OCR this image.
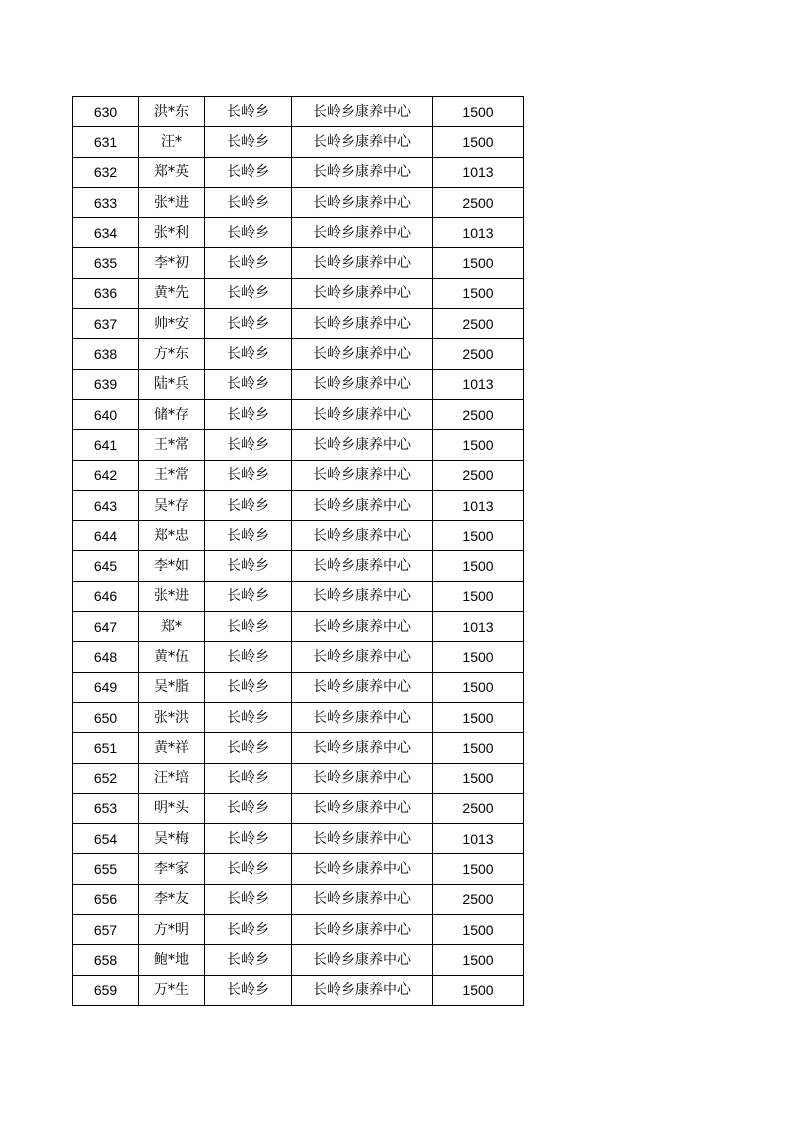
630	洪*东	长岭乡	长岭乡康养中心	1500
631	汪*	长岭乡	长岭乡康养中心	1500
632	郑*英	长岭乡	长岭乡康养中心	1013
633	张*进	长岭乡	长岭乡康养中心	2500
634	张*利	长岭乡	长岭乡康养中心	1013
635	李*初	长岭乡	长岭乡康养中心	1500
636	黄*先	长岭乡	长岭乡康养中心	1500
637	帅*安	长岭乡	长岭乡康养中心	2500
638	方*东	长岭乡	长岭乡康养中心	2500
639	陆*兵	长岭乡	长岭乡康养中心	1013
640	储*存	长岭乡	长岭乡康养中心	2500
641	王*常	长岭乡	长岭乡康养中心	1500
642	王*常	长岭乡	长岭乡康养中心	2500
643	吴*存	长岭乡	长岭乡康养中心	1013
644	郑*忠	长岭乡	长岭乡康养中心	1500
645	李*如	长岭乡	长岭乡康养中心	1500
646	张*进	长岭乡	长岭乡康养中心	1500
647	郑*	长岭乡	长岭乡康养中心	1013
648	黄*伍	长岭乡	长岭乡康养中心	1500
649	吴*脂	长岭乡	长岭乡康养中心	1500
650	张*洪	长岭乡	长岭乡康养中心	1500
651	黄*祥	长岭乡	长岭乡康养中心	1500
652	汪*培	长岭乡	长岭乡康养中心	1500
653	明*头	长岭乡	长岭乡康养中心	2500
654	吴*梅	长岭乡	长岭乡康养中心	1013
655	李*家	长岭乡	长岭乡康养中心	1500
656	李*友	长岭乡	长岭乡康养中心	2500
657	方*明	长岭乡	长岭乡康养中心	1500
658	鲍*地	长岭乡	长岭乡康养中心	1500
659	万*生	长岭乡	长岭乡康养中心	1500
